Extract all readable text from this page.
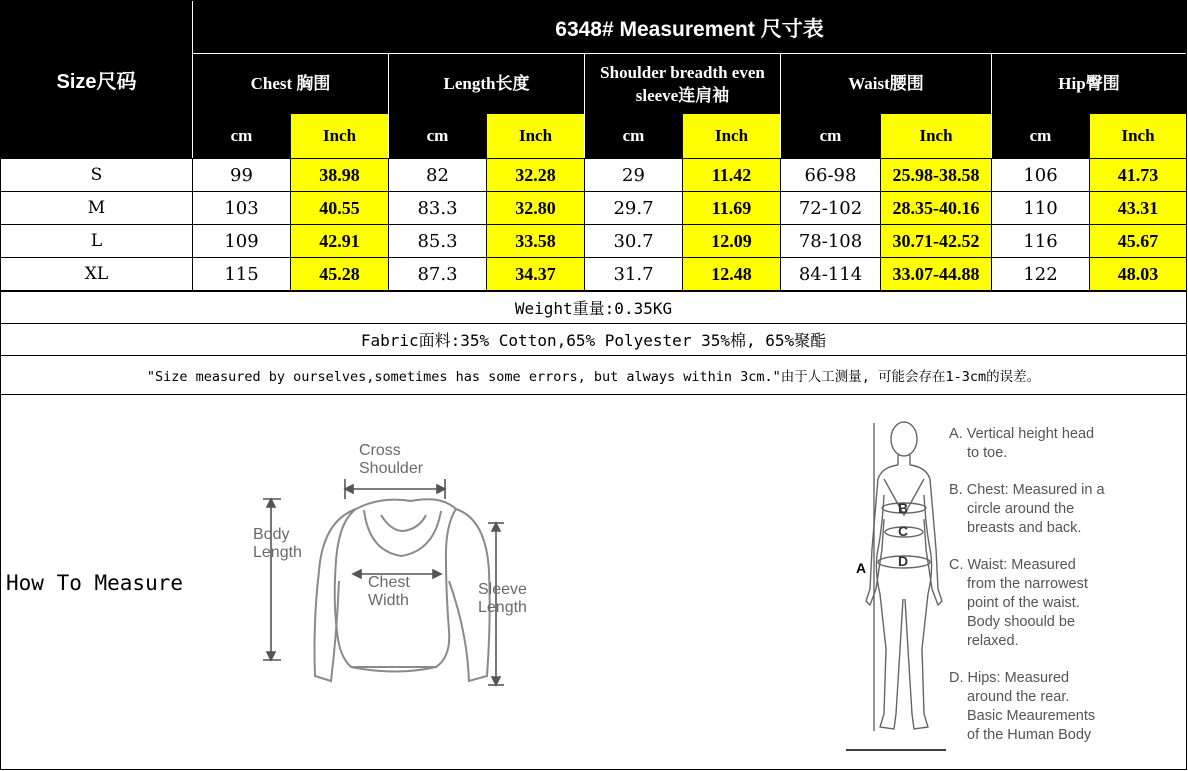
Size尺码
6348# Measurement 尺寸表
Chest 胸围	Length长度
Shoulder breadth even
sleeve连肩袖
Waist腰围	Hip臀围
cm	Inch	cm	Inch	cm	Inch	cm	Inch	cm	Inch
S	99	38.98	82	32.28	29	11.42	66-98	25.98-38.58	106	41.73
M	103	40.55	83.3	32.80	29.7	11.69	72-102	28.35-40.16	110	43.31
L	109	42.91	85.3	33.58	30.7	12.09	78-108	30.71-42.52	116	45.67
XL	115	45.28	87.3	34.37	31.7	12.48	84-114	33.07-44.88	122	48.03
Weight重量:0.35KG
Fabric面料:35% Cotton,65% Polyester 35%棉, 65%聚酯
"Size measured by ourselves,sometimes has some errors, but always within 3cm."由于人工测量, 可能会存在1-3cm的误差。
How To Measure
Cross
Shoulder
Body
Length
Chest
Width
Sleeve
Length
B
C
D
A

A. Vertical height head
to toe.

B. Chest: Measured in a
circle around the
breasts and back.

C. Waist: Measured
from the narrowest
point of the waist.
Body shoould be
relaxed.

D. Hips: Measured
around the rear.
Basic Meaurements
of the Human Body
